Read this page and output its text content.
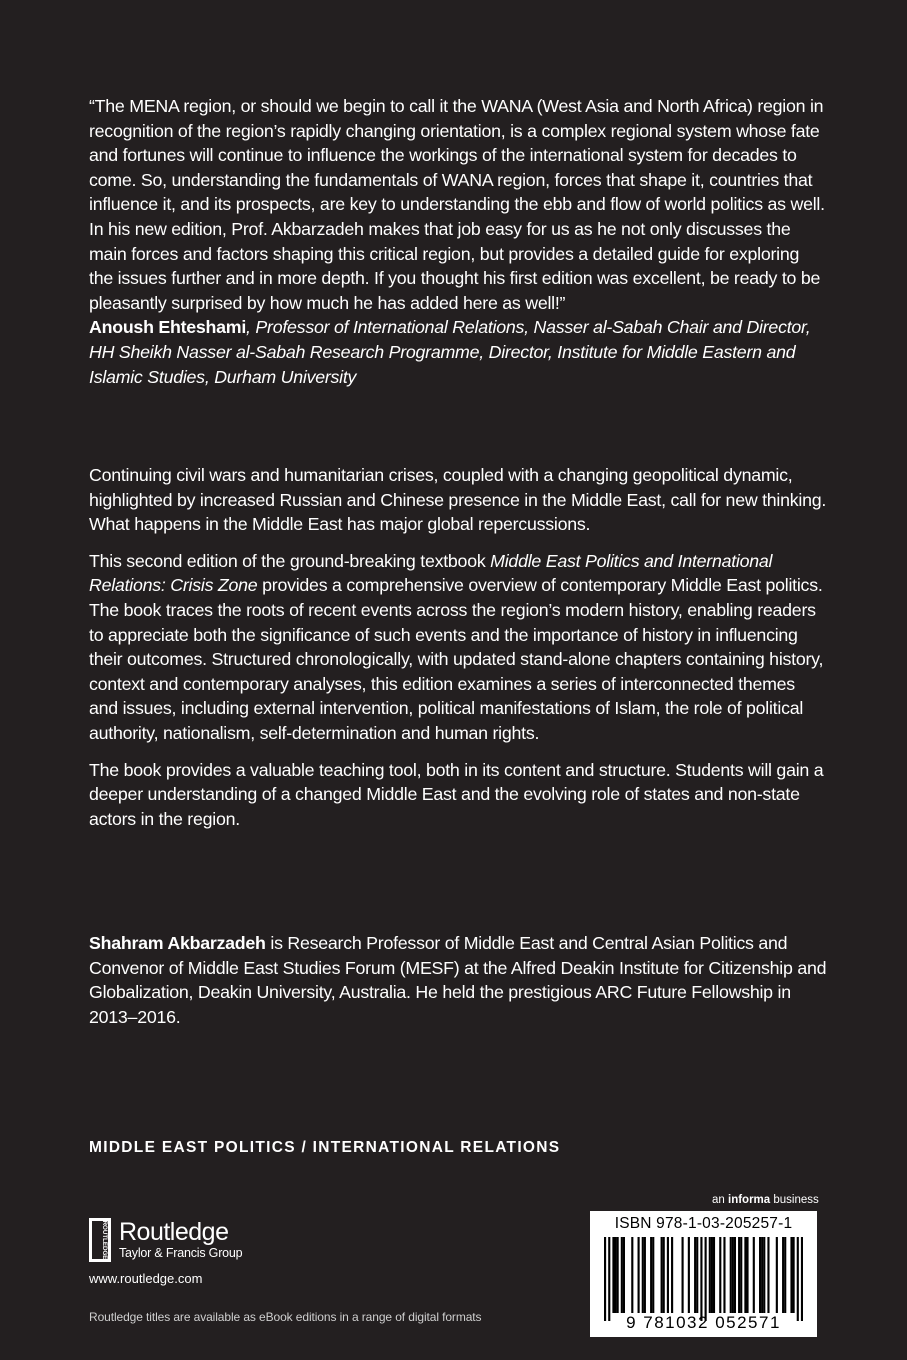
“The MENA region, or should we begin to call it the WANA (West Asia and North Africa) region in recognition of the region’s rapidly changing orientation, is a complex regional system whose fate and fortunes will continue to influence the workings of the international system for decades to come. So, understanding the fundamentals of WANA region, forces that shape it, countries that influence it, and its prospects, are key to understanding the ebb and flow of world politics as well. In his new edition, Prof. Akbarzadeh makes that job easy for us as he not only discusses the main forces and factors shaping this critical region, but provides a detailed guide for exploring the issues further and in more depth. If you thought his first edition was excellent, be ready to be pleasantly surprised by how much he has added here as well!”

Anoush Ehteshami, Professor of International Relations, Nasser al-Sabah Chair and Director, HH Sheikh Nasser al-Sabah Research Programme, Director, Institute for Middle Eastern and Islamic Studies, Durham University

Continuing civil wars and humanitarian crises, coupled with a changing geopolitical dynamic, highlighted by increased Russian and Chinese presence in the Middle East, call for new thinking. What happens in the Middle East has major global repercussions.

This second edition of the ground-breaking textbook Middle East Politics and International Relations: Crisis Zone provides a comprehensive overview of contemporary Middle East politics. The book traces the roots of recent events across the region’s modern history, enabling readers to appreciate both the significance of such events and the importance of history in influencing their outcomes. Structured chronologically, with updated stand-alone chapters containing history, context and contemporary analyses, this edition examines a series of interconnected themes and issues, including external intervention, political manifestations of Islam, the role of political authority, nationalism, self-determination and human rights.

The book provides a valuable teaching tool, both in its content and structure. Students will gain a deeper understanding of a changed Middle East and the evolving role of states and non-state actors in the region.

Shahram Akbarzadeh is Research Professor of Middle East and Central Asian Politics and Convenor of Middle East Studies Forum (MESF) at the Alfred Deakin Institute for Citizenship and Globalization, Deakin University, Australia. He held the prestigious ARC Future Fellowship in 2013–2016.

MIDDLE EAST POLITICS / INTERNATIONAL RELATIONS
an informa business
ROUTLEDGE Routledge
Taylor & Francis Group
www.routledge.com
Routledge titles are available as eBook editions in a range of digital formats
ISBN 978-1-03-205257-1
9 781032 052571
